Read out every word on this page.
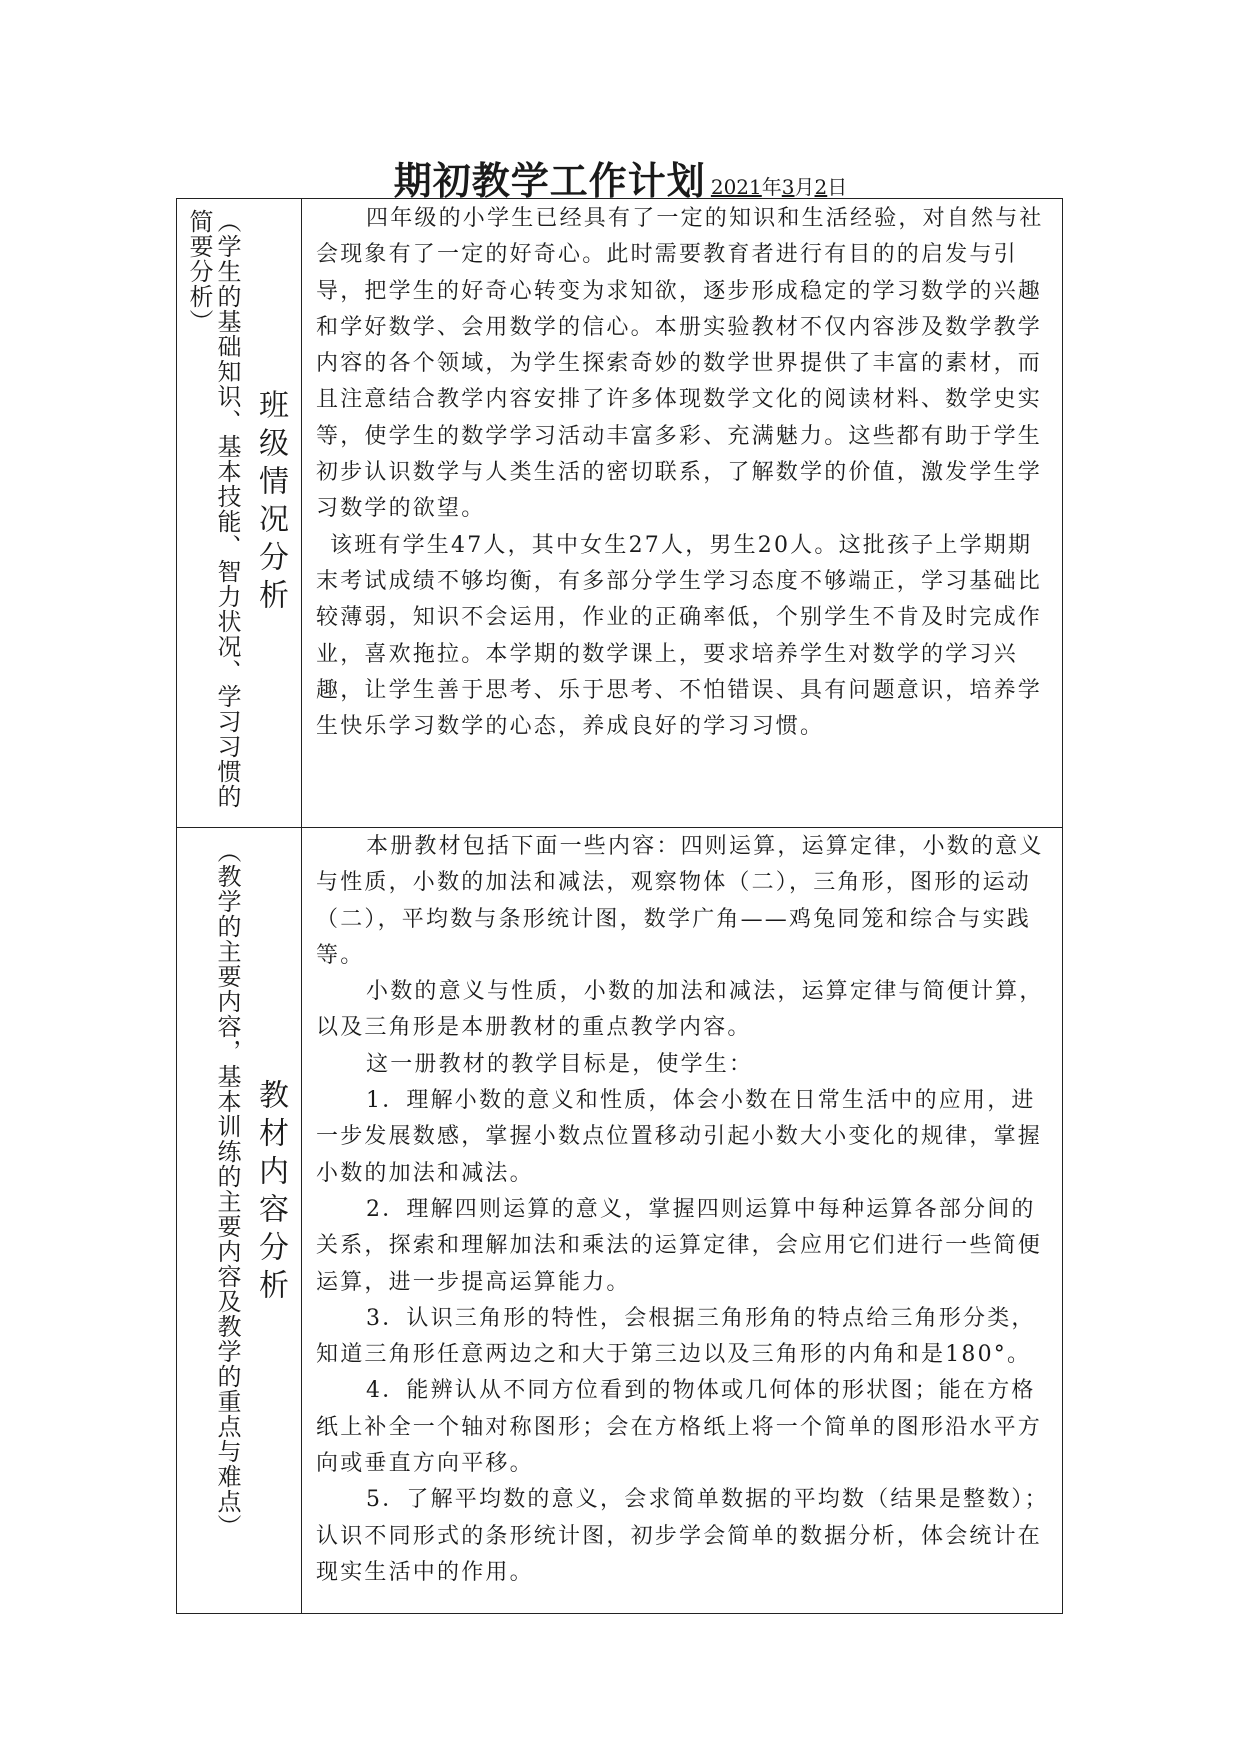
期初教学工作计划 2021年3月2日
简要分析） （学生的基础知识、基本技能、智力状况、学习习惯的 班级情况分析

四年级的小学生已经具有了一定的知识和生活经验，对自然与社会现象有了一定的好奇心。此时需要教育者进行有目的的启发与引导，把学生的好奇心转变为求知欲，逐步形成稳定的学习数学的兴趣和学好数学、会用数学的信心。本册实验教材不仅内容涉及数学教学内容的各个领域，为学生探索奇妙的数学世界提供了丰富的素材，而且注意结合教学内容安排了许多体现数学文化的阅读材料、数学史实等，使学生的数学学习活动丰富多彩、充满魅力。这些都有助于学生初步认识数学与人类生活的密切联系，了解数学的价值，激发学生学习数学的欲望。

该班有学生47人，其中女生27人，男生20人。这批孩子上学期期末考试成绩不够均衡，有多部分学生学习态度不够端正，学习基础比较薄弱，知识不会运用，作业的正确率低，个别学生不肯及时完成作业，喜欢拖拉。本学期的数学课上，要求培养学生对数学的学习兴趣，让学生善于思考、乐于思考、不怕错误、具有问题意识，培养学生快乐学习数学的心态，养成良好的学习习惯。

（教学的主要内容，基本训练的主要内容及教学的重点与难点） 教材内容分析

本册教材包括下面一些内容：四则运算，运算定律，小数的意义与性质，小数的加法和减法，观察物体（二），三角形，图形的运动（二），平均数与条形统计图，数学广角——鸡兔同笼和综合与实践等。

小数的意义与性质，小数的加法和减法，运算定律与简便计算，以及三角形是本册教材的重点教学内容。

这一册教材的教学目标是，使学生：

1．理解小数的意义和性质，体会小数在日常生活中的应用，进一步发展数感，掌握小数点位置移动引起小数大小变化的规律，掌握小数的加法和减法。

2．理解四则运算的意义，掌握四则运算中每种运算各部分间的关系，探索和理解加法和乘法的运算定律，会应用它们进行一些简便运算，进一步提高运算能力。

3．认识三角形的特性，会根据三角形角的特点给三角形分类，知道三角形任意两边之和大于第三边以及三角形的内角和是180°。

4．能辨认从不同方位看到的物体或几何体的形状图；能在方格纸上补全一个轴对称图形；会在方格纸上将一个简单的图形沿水平方向或垂直方向平移。

5．了解平均数的意义，会求简单数据的平均数（结果是整数）；认识不同形式的条形统计图，初步学会简单的数据分析，体会统计在现实生活中的作用。
